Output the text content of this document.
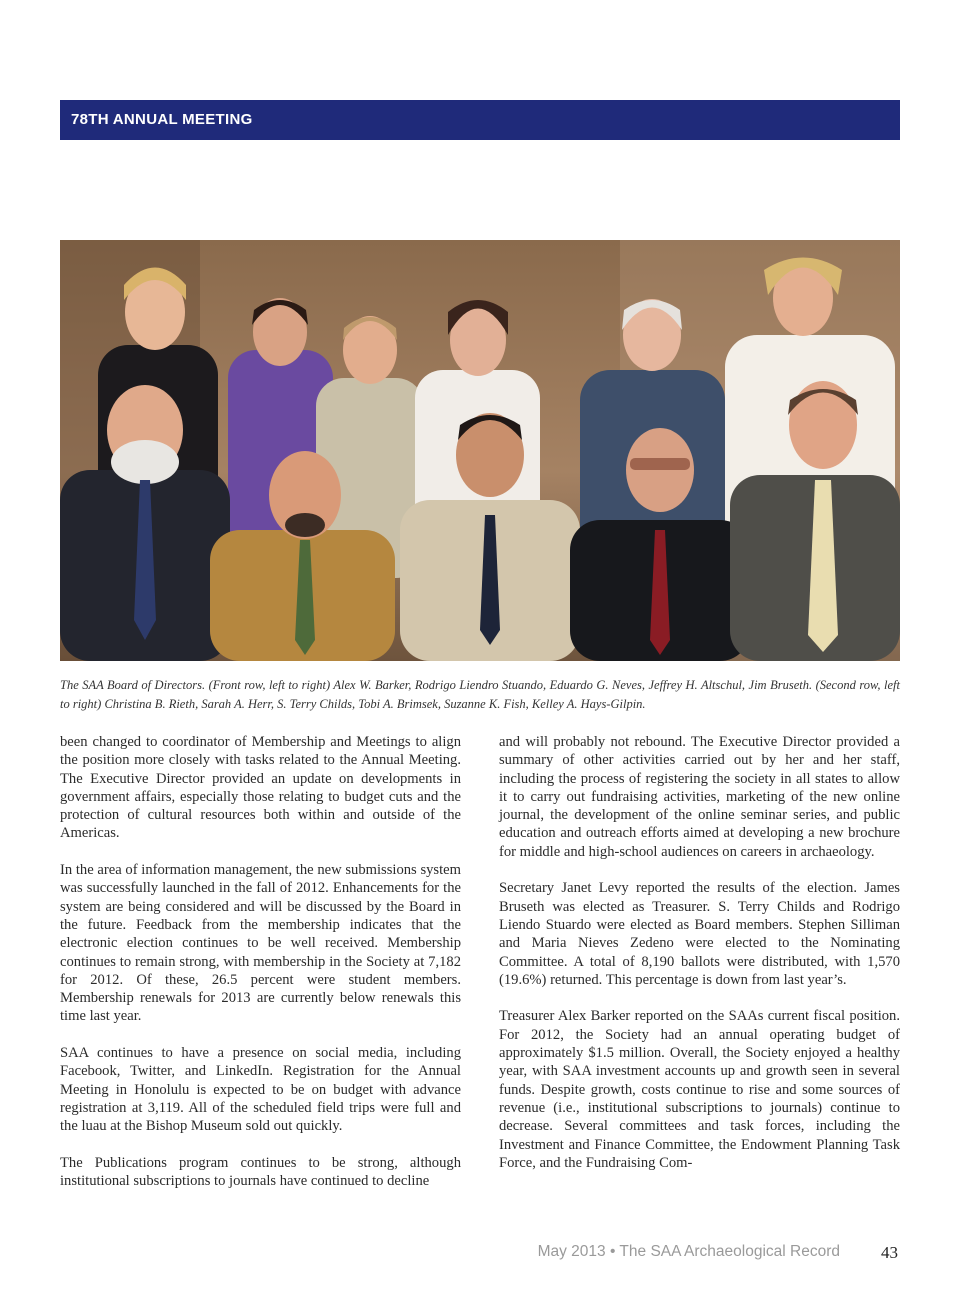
78TH ANNUAL MEETING
The SAA Board of Directors. (Front row, left to right) Alex W. Barker, Rodrigo Liendro Stuando, Eduardo G. Neves, Jeffrey H. Altschul, Jim Bruseth. (Second row, left to right) Christina B. Rieth, Sarah A. Herr, S. Terry Childs, Tobi A. Brimsek, Suzanne K. Fish, Kelley A. Hays-Gilpin.

been changed to coordinator of Membership and Meetings to align the position more closely with tasks related to the Annual Meeting. The Executive Director provided an update on developments in government affairs, especially those relating to budget cuts and the protection of cultural resources both within and outside of the Americas.

In the area of information management, the new submissions system was successfully launched in the fall of 2012. Enhancements for the system are being considered and will be discussed by the Board in the future. Feedback from the membership indicates that the electronic election continues to be well received. Membership continues to remain strong, with membership in the Society at 7,182 for 2012. Of these, 26.5 percent were student members. Membership renewals for 2013 are currently below renewals this time last year.

SAA continues to have a presence on social media, including Facebook, Twitter, and LinkedIn. Registration for the Annual Meeting in Honolulu is expected to be on budget with advance registration at 3,119. All of the scheduled field trips were full and the luau at the Bishop Museum sold out quickly.

The Publications program continues to be strong, although institutional subscriptions to journals have continued to decline

and will probably not rebound. The Executive Director provided a summary of other activities carried out by her and her staff, including the process of registering the society in all states to allow it to carry out fundraising activities, marketing of the new online journal, the development of the online seminar series, and public education and outreach efforts aimed at developing a new brochure for middle and high-school audiences on careers in archaeology.

Secretary Janet Levy reported the results of the election. James Bruseth was elected as Treasurer. S. Terry Childs and Rodrigo Liendo Stuardo were elected as Board members. Stephen Silliman and Maria Nieves Zedeno were elected to the Nominating Committee. A total of 8,190 ballots were distributed, with 1,570 (19.6%) returned. This percentage is down from last year’s.

Treasurer Alex Barker reported on the SAAs current fiscal position. For 2012, the Society had an annual operating budget of approximately $1.5 million. Overall, the Society enjoyed a healthy year, with SAA investment accounts up and growth seen in several funds. Despite growth, costs continue to rise and some sources of revenue (i.e., institutional subscriptions to journals) continue to decrease. Several committees and task forces, including the Investment and Finance Committee, the Endowment Planning Task Force, and the Fundraising Com-

May 2013 • The SAA Archaeological Record 43
